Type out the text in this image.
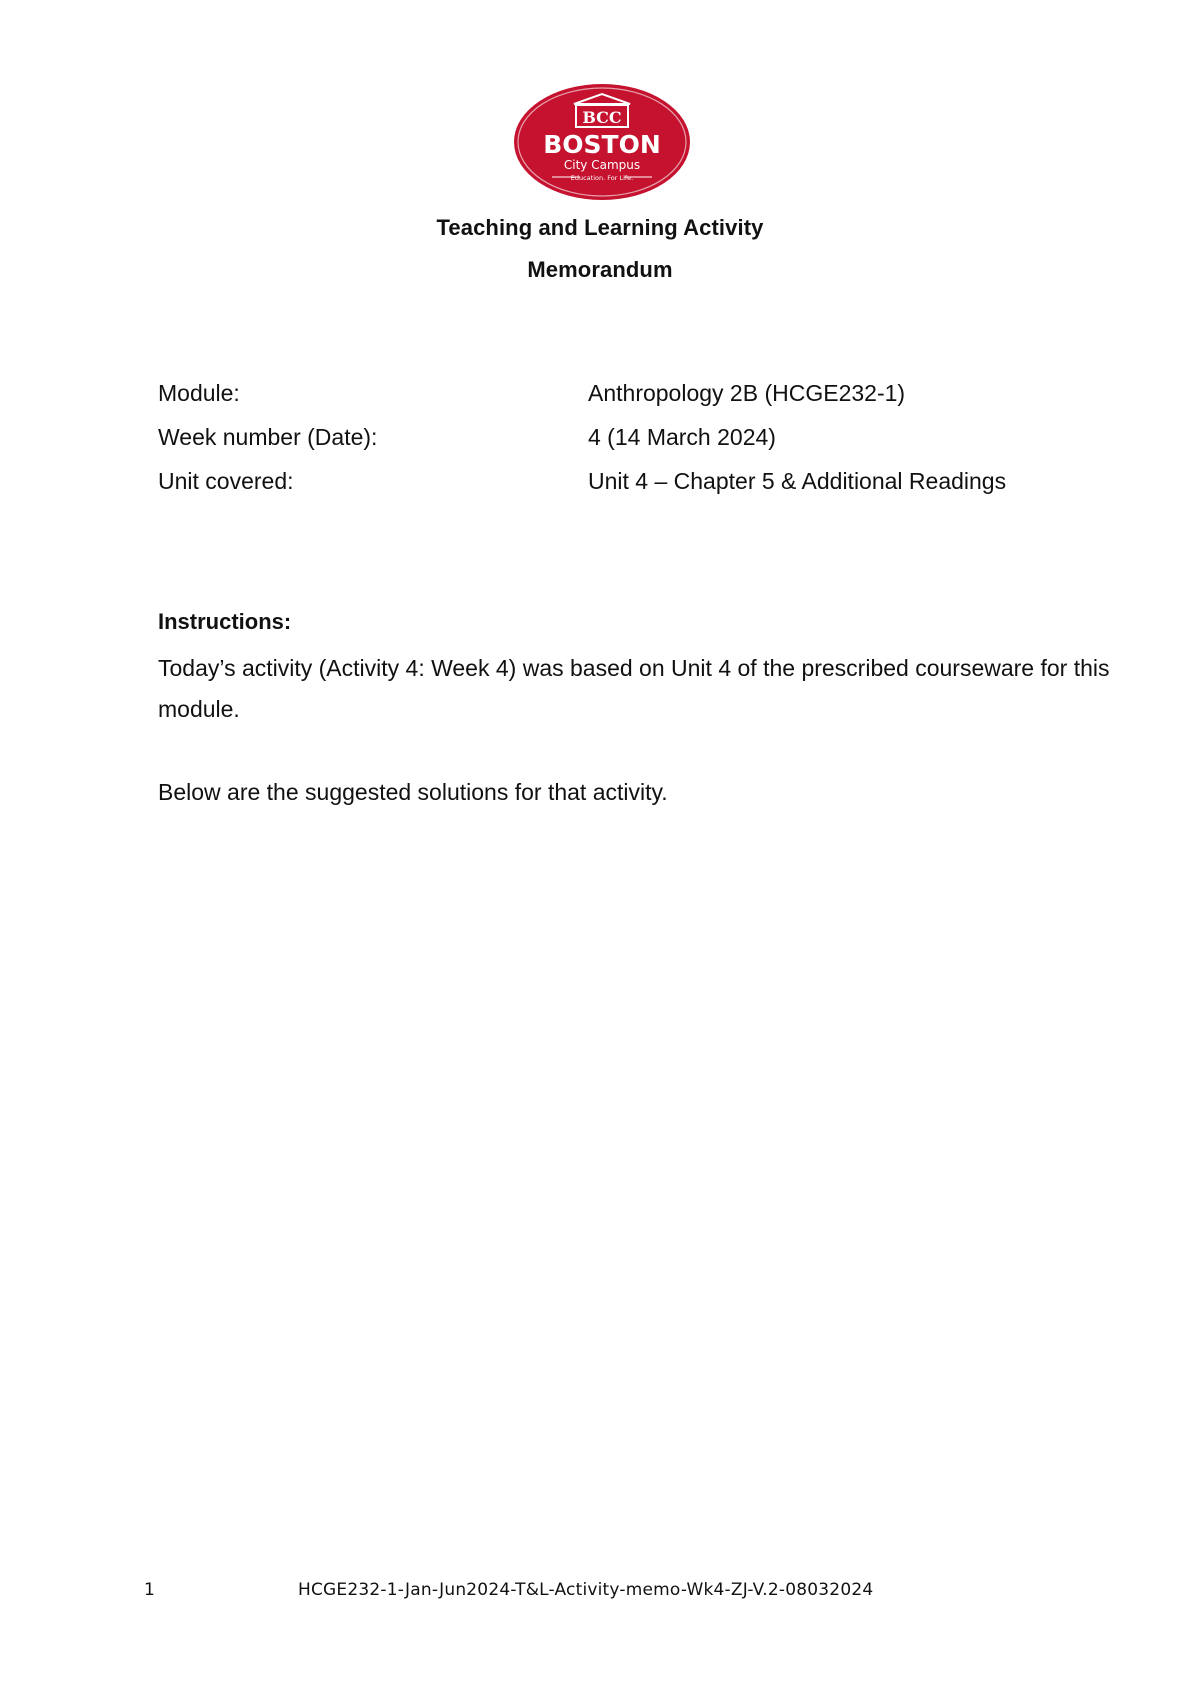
BCC
BOSTON
City Campus
Education. For Life.
Teaching and Learning Activity
Memorandum
Module:	Anthropology 2B (HCGE232-1)
Week number (Date):	4 (14 March 2024)
Unit covered:	Unit 4 – Chapter 5 & Additional Readings
Instructions:

Today’s activity (Activity 4: Week 4) was based on Unit 4 of the prescribed courseware for this module.

Below are the suggested solutions for that activity.

1	HCGE232-1-Jan-Jun2024-T&L-Activity-memo-Wk4-ZJ-V.2-08032024
